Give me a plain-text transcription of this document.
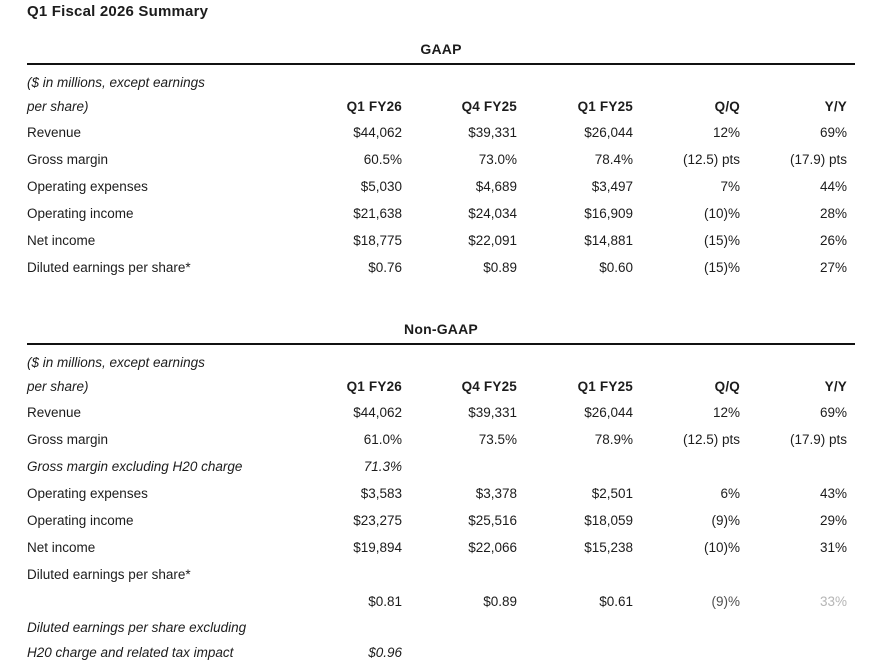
Q1 Fiscal 2026 Summary
GAAP
($ in millions, except earnings
per share)	Q1 FY26	Q4 FY25	Q1 FY25	Q/Q	Y/Y
Revenue	$44,062	$39,331	$26,044	12%	69%
Gross margin	60.5%	73.0%	78.4%	(12.5) pts	(17.9) pts
Operating expenses	$5,030	$4,689	$3,497	7%	44%
Operating income	$21,638	$24,034	$16,909	(10)%	28%
Net income	$18,775	$22,091	$14,881	(15)%	26%
Diluted earnings per share*	$0.76	$0.89	$0.60	(15)%	27%
Non-GAAP
($ in millions, except earnings
per share)	Q1 FY26	Q4 FY25	Q1 FY25	Q/Q	Y/Y
Revenue	$44,062	$39,331	$26,044	12%	69%
Gross margin	61.0%	73.5%	78.9%	(12.5) pts	(17.9) pts
Gross margin excluding H20 charge	71.3%
Operating expenses	$3,583	$3,378	$2,501	6%	43%
Operating income	$23,275	$25,516	$18,059	(9)%	29%
Net income	$19,894	$22,066	$15,238	(10)%	31%
Diluted earnings per share*
$0.81	$0.89	$0.61	(9)%	33%
Diluted earnings per share excluding
H20 charge and related tax impact	$0.96
